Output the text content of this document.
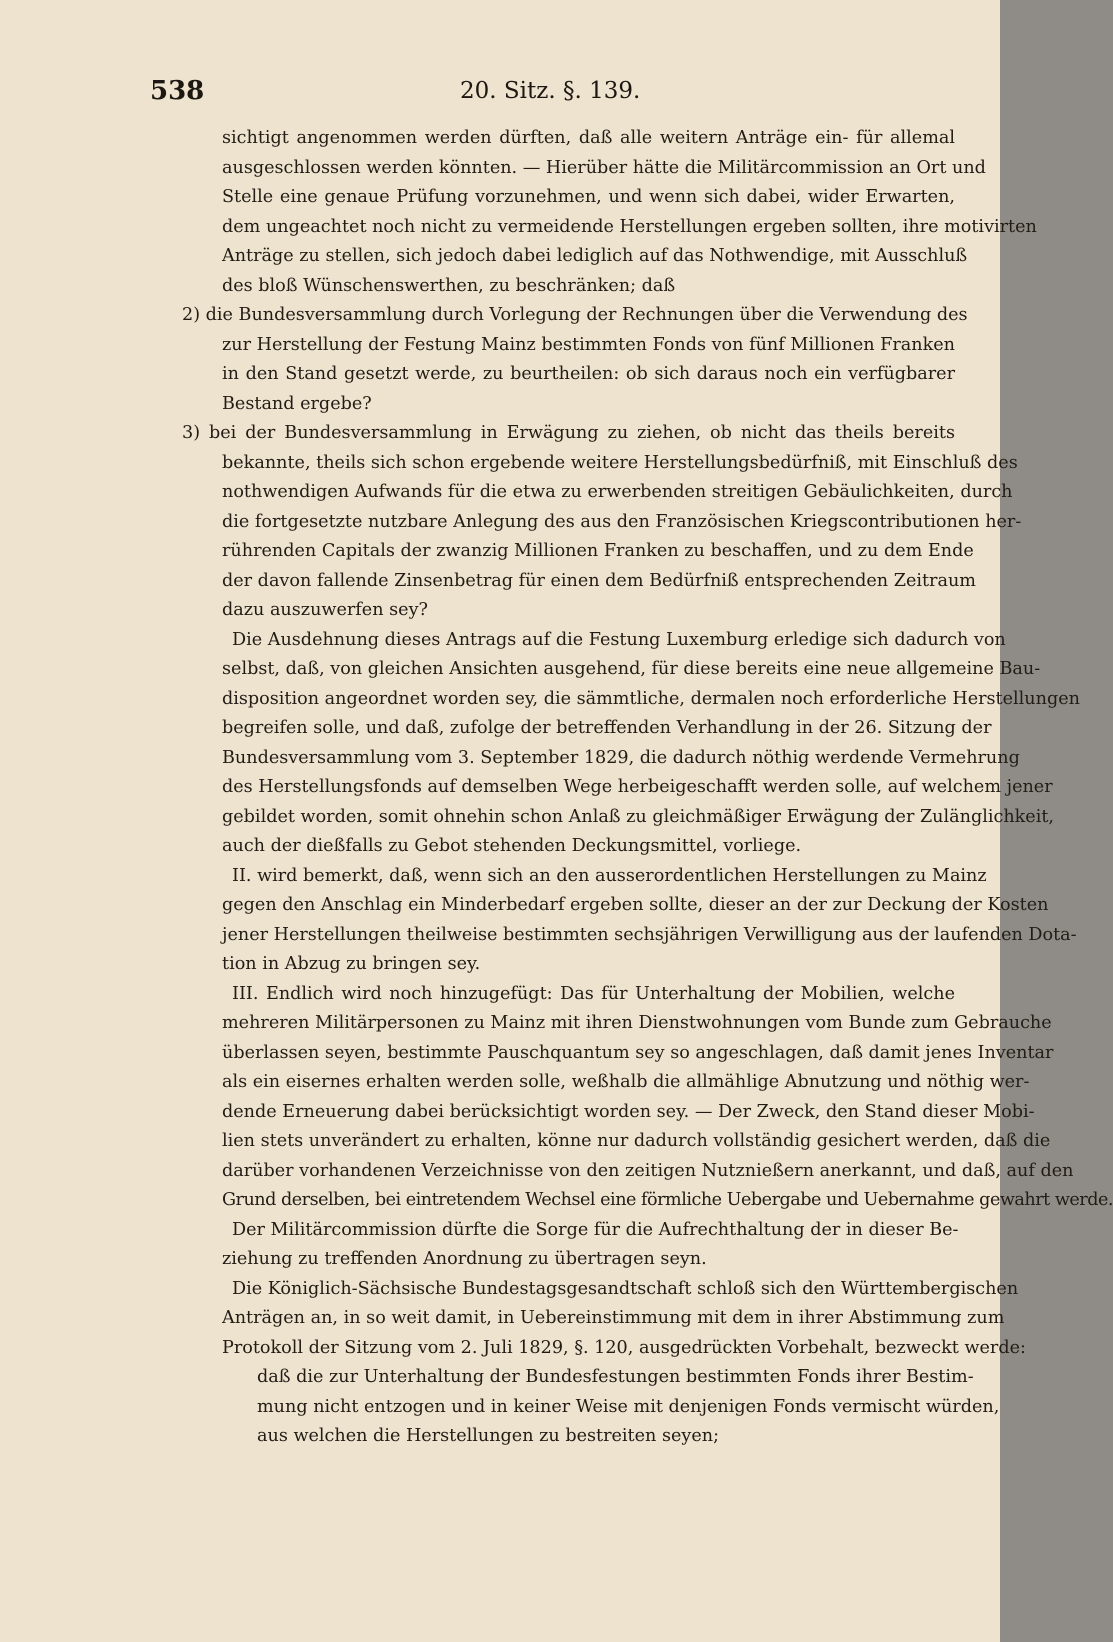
538	20. Sitz. §. 139.
sichtigt angenommen werden dürften, daß alle weitern Anträge ein- für allemal
ausgeschlossen werden könnten. — Hierüber hätte die Militärcommission an Ort und
Stelle eine genaue Prüfung vorzunehmen, und wenn sich dabei, wider Erwarten,
dem ungeachtet noch nicht zu vermeidende Herstellungen ergeben sollten, ihre motivirten
Anträge zu stellen, sich jedoch dabei lediglich auf das Nothwendige, mit Ausschluß
des bloß Wünschenswerthen, zu beschränken; daß
2) die Bundesversammlung durch Vorlegung der Rechnungen über die Verwendung des
zur Herstellung der Festung Mainz bestimmten Fonds von fünf Millionen Franken
in den Stand gesetzt werde, zu beurtheilen: ob sich daraus noch ein verfügbarer
Bestand ergebe?
3) bei der Bundesversammlung in Erwägung zu ziehen, ob nicht das theils bereits
bekannte, theils sich schon ergebende weitere Herstellungsbedürfniß, mit Einschluß des
nothwendigen Aufwands für die etwa zu erwerbenden streitigen Gebäulichkeiten, durch
die fortgesetzte nutzbare Anlegung des aus den Französischen Kriegscontributionen her-
rührenden Capitals der zwanzig Millionen Franken zu beschaffen, und zu dem Ende
der davon fallende Zinsenbetrag für einen dem Bedürfniß entsprechenden Zeitraum
dazu auszuwerfen sey?
Die Ausdehnung dieses Antrags auf die Festung Luxemburg erledige sich dadurch von
selbst, daß, von gleichen Ansichten ausgehend, für diese bereits eine neue allgemeine Bau-
disposition angeordnet worden sey, die sämmtliche, dermalen noch erforderliche Herstellungen
begreifen solle, und daß, zufolge der betreffenden Verhandlung in der 26. Sitzung der
Bundesversammlung vom 3. September 1829, die dadurch nöthig werdende Vermehrung
des Herstellungsfonds auf demselben Wege herbeigeschafft werden solle, auf welchem jener
gebildet worden, somit ohnehin schon Anlaß zu gleichmäßiger Erwägung der Zulänglichkeit,
auch der dießfalls zu Gebot stehenden Deckungsmittel, vorliege.
II. wird bemerkt, daß, wenn sich an den ausserordentlichen Herstellungen zu Mainz
gegen den Anschlag ein Minderbedarf ergeben sollte, dieser an der zur Deckung der Kosten
jener Herstellungen theilweise bestimmten sechsjährigen Verwilligung aus der laufenden Dota-
tion in Abzug zu bringen sey.
III. Endlich wird noch hinzugefügt: Das für Unterhaltung der Mobilien, welche
mehreren Militärpersonen zu Mainz mit ihren Dienstwohnungen vom Bunde zum Gebrauche
überlassen seyen, bestimmte Pauschquantum sey so angeschlagen, daß damit jenes Inventar
als ein eisernes erhalten werden solle, weßhalb die allmählige Abnutzung und nöthig wer-
dende Erneuerung dabei berücksichtigt worden sey. — Der Zweck, den Stand dieser Mobi-
lien stets unverändert zu erhalten, könne nur dadurch vollständig gesichert werden, daß die
darüber vorhandenen Verzeichnisse von den zeitigen Nutznießern anerkannt, und daß, auf den
Grund derselben, bei eintretendem Wechsel eine förmliche Uebergabe und Uebernahme gewahrt werde.
Der Militärcommission dürfte die Sorge für die Aufrechthaltung der in dieser Be-
ziehung zu treffenden Anordnung zu übertragen seyn.
Die Königlich-Sächsische Bundestagsgesandtschaft schloß sich den Württembergischen
Anträgen an, in so weit damit, in Uebereinstimmung mit dem in ihrer Abstimmung zum
Protokoll der Sitzung vom 2. Juli 1829, §. 120, ausgedrückten Vorbehalt, bezweckt werde:
daß die zur Unterhaltung der Bundesfestungen bestimmten Fonds ihrer Bestim-
mung nicht entzogen und in keiner Weise mit denjenigen Fonds vermischt würden,
aus welchen die Herstellungen zu bestreiten seyen;
